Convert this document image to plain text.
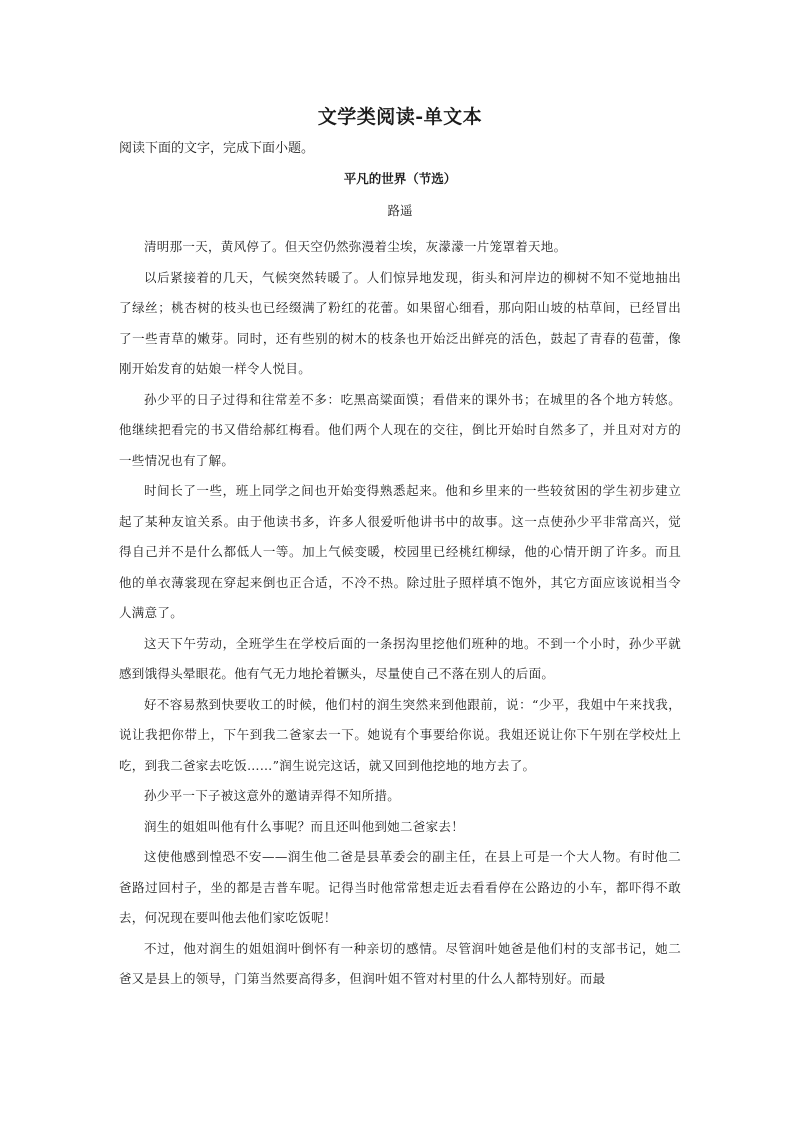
文学类阅读-单文本

阅读下面的文字，完成下面小题。

平凡的世界（节选）
路遥

清明那一天，黄风停了。但天空仍然弥漫着尘埃，灰濛濛一片笼罩着天地。

以后紧接着的几天，气候突然转暖了。人们惊异地发现，街头和河岸边的柳树不知不觉地抽出了绿丝；桃杏树的枝头也已经缀满了粉红的花蕾。如果留心细看，那向阳山坡的枯草间，已经冒出了一些青草的嫩芽。同时，还有些别的树木的枝条也开始泛出鲜亮的活色，鼓起了青春的苞蕾，像刚开始发育的姑娘一样令人悦目。

孙少平的日子过得和往常差不多：吃黑高粱面馍；看借来的课外书；在城里的各个地方转悠。他继续把看完的书又借给郝红梅看。他们两个人现在的交往，倒比开始时自然多了，并且对对方的一些情况也有了解。

时间长了一些，班上同学之间也开始变得熟悉起来。他和乡里来的一些较贫困的学生初步建立起了某种友谊关系。由于他读书多，许多人很爱听他讲书中的故事。这一点使孙少平非常高兴，觉得自己并不是什么都低人一等。加上气候变暖，校园里已经桃红柳绿，他的心情开朗了许多。而且他的单衣薄裳现在穿起来倒也正合适，不冷不热。除过肚子照样填不饱外，其它方面应该说相当令人满意了。

这天下午劳动，全班学生在学校后面的一条拐沟里挖他们班种的地。不到一个小时，孙少平就感到饿得头晕眼花。他有气无力地抡着镢头，尽量使自己不落在别人的后面。

好不容易熬到快要收工的时候，他们村的润生突然来到他跟前，说：“少平，我姐中午来找我，说让我把你带上，下午到我二爸家去一下。她说有个事要给你说。我姐还说让你下午别在学校灶上吃，到我二爸家去吃饭……”润生说完这话，就又回到他挖地的地方去了。

孙少平一下子被这意外的邀请弄得不知所措。

润生的姐姐叫他有什么事呢？而且还叫他到她二爸家去！

这使他感到惶恐不安——润生他二爸是县革委会的副主任，在县上可是一个大人物。有时他二爸路过回村子，坐的都是吉普车呢。记得当时他常常想走近去看看停在公路边的小车，都吓得不敢去，何况现在要叫他去他们家吃饭呢！

不过，他对润生的姐姐润叶倒怀有一种亲切的感情。尽管润叶她爸是他们村的支部书记，她二爸又是县上的领导，门第当然要高得多，但润叶姐不管对村里的什么人都特别好。而最
